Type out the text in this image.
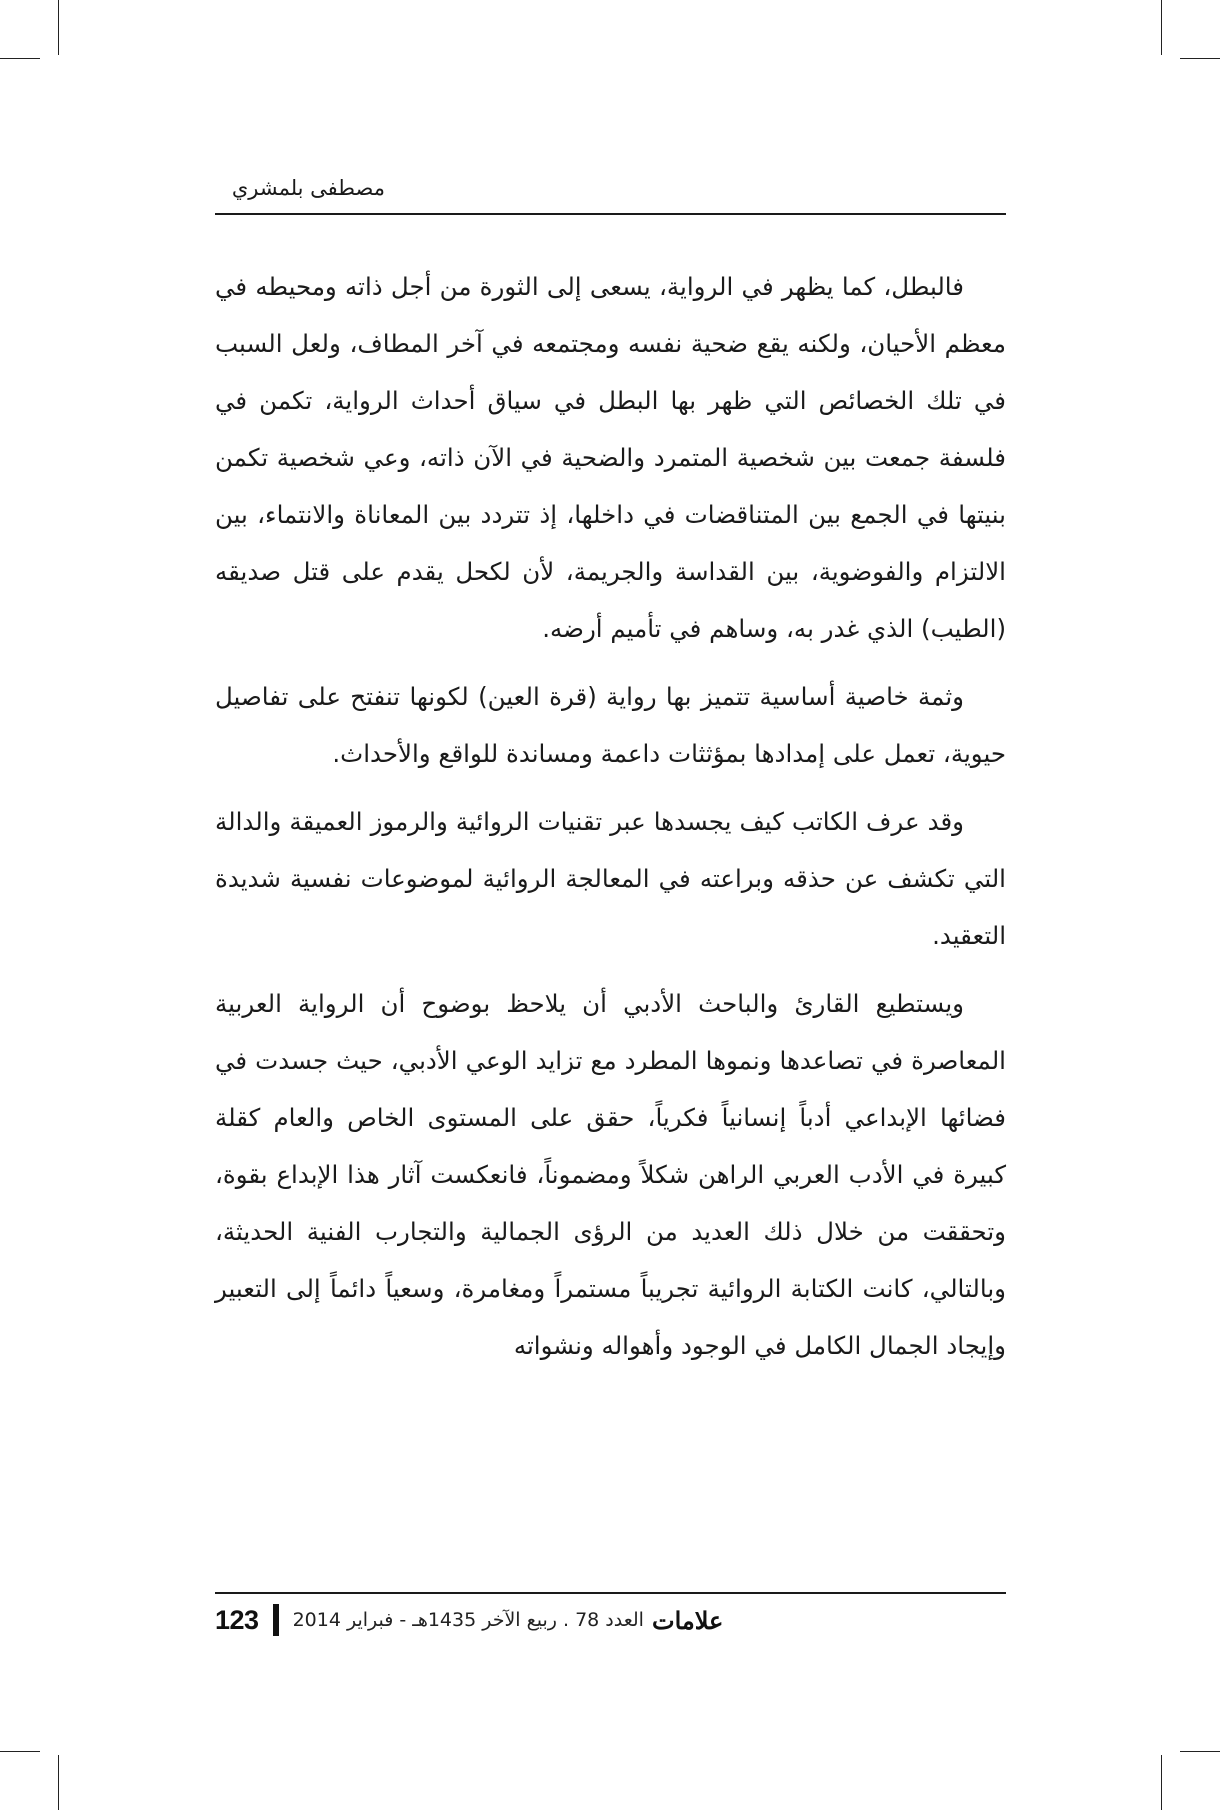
مصطفى بلمشري

فالبطل، كما يظهر في الرواية، يسعى إلى الثورة من أجل ذاته ومحيطه في معظم الأحيان، ولكنه يقع ضحية نفسه ومجتمعه في آخر المطاف، ولعل السبب في تلك الخصائص التي ظهر بها البطل في سياق أحداث الرواية، تكمن في فلسفة جمعت بين شخصية المتمرد والضحية في الآن ذاته، وعي شخصية تكمن بنيتها في الجمع بين المتناقضات في داخلها، إذ تتردد بين المعاناة والانتماء، بين الالتزام والفوضوية، بين القداسة والجريمة، لأن لكحل يقدم على قتل صديقه (الطيب) الذي غدر به، وساهم في تأميم أرضه.

وثمة خاصية أساسية تتميز بها رواية (قرة العين) لكونها تنفتح على تفاصيل حيوية، تعمل على إمدادها بمؤثثات داعمة ومساندة للواقع والأحداث.

وقد عرف الكاتب كيف يجسدها عبر تقنيات الروائية والرموز العميقة والدالة التي تكشف عن حذقه وبراعته في المعالجة الروائية لموضوعات نفسية شديدة التعقيد.

ويستطيع القارئ والباحث الأدبي أن يلاحظ بوضوح أن الرواية العربية المعاصرة في تصاعدها ونموها المطرد مع تزايد الوعي الأدبي، حيث جسدت في فضائها الإبداعي أدباً إنسانياً فكرياً، حقق على المستوى الخاص والعام كقلة كبيرة في الأدب العربي الراهن شكلاً ومضموناً، فانعكست آثار هذا الإبداع بقوة، وتحققت من خلال ذلك العديد من الرؤى الجمالية والتجارب الفنية الحديثة، وبالتالي، كانت الكتابة الروائية تجريباً مستمراً ومغامرة، وسعياً دائماً إلى التعبير وإيجاد الجمال الكامل في الوجود وأهواله ونشواته

123 العدد 78 . ربيع الآخر 1435هـ - فبراير 2014 علامات
